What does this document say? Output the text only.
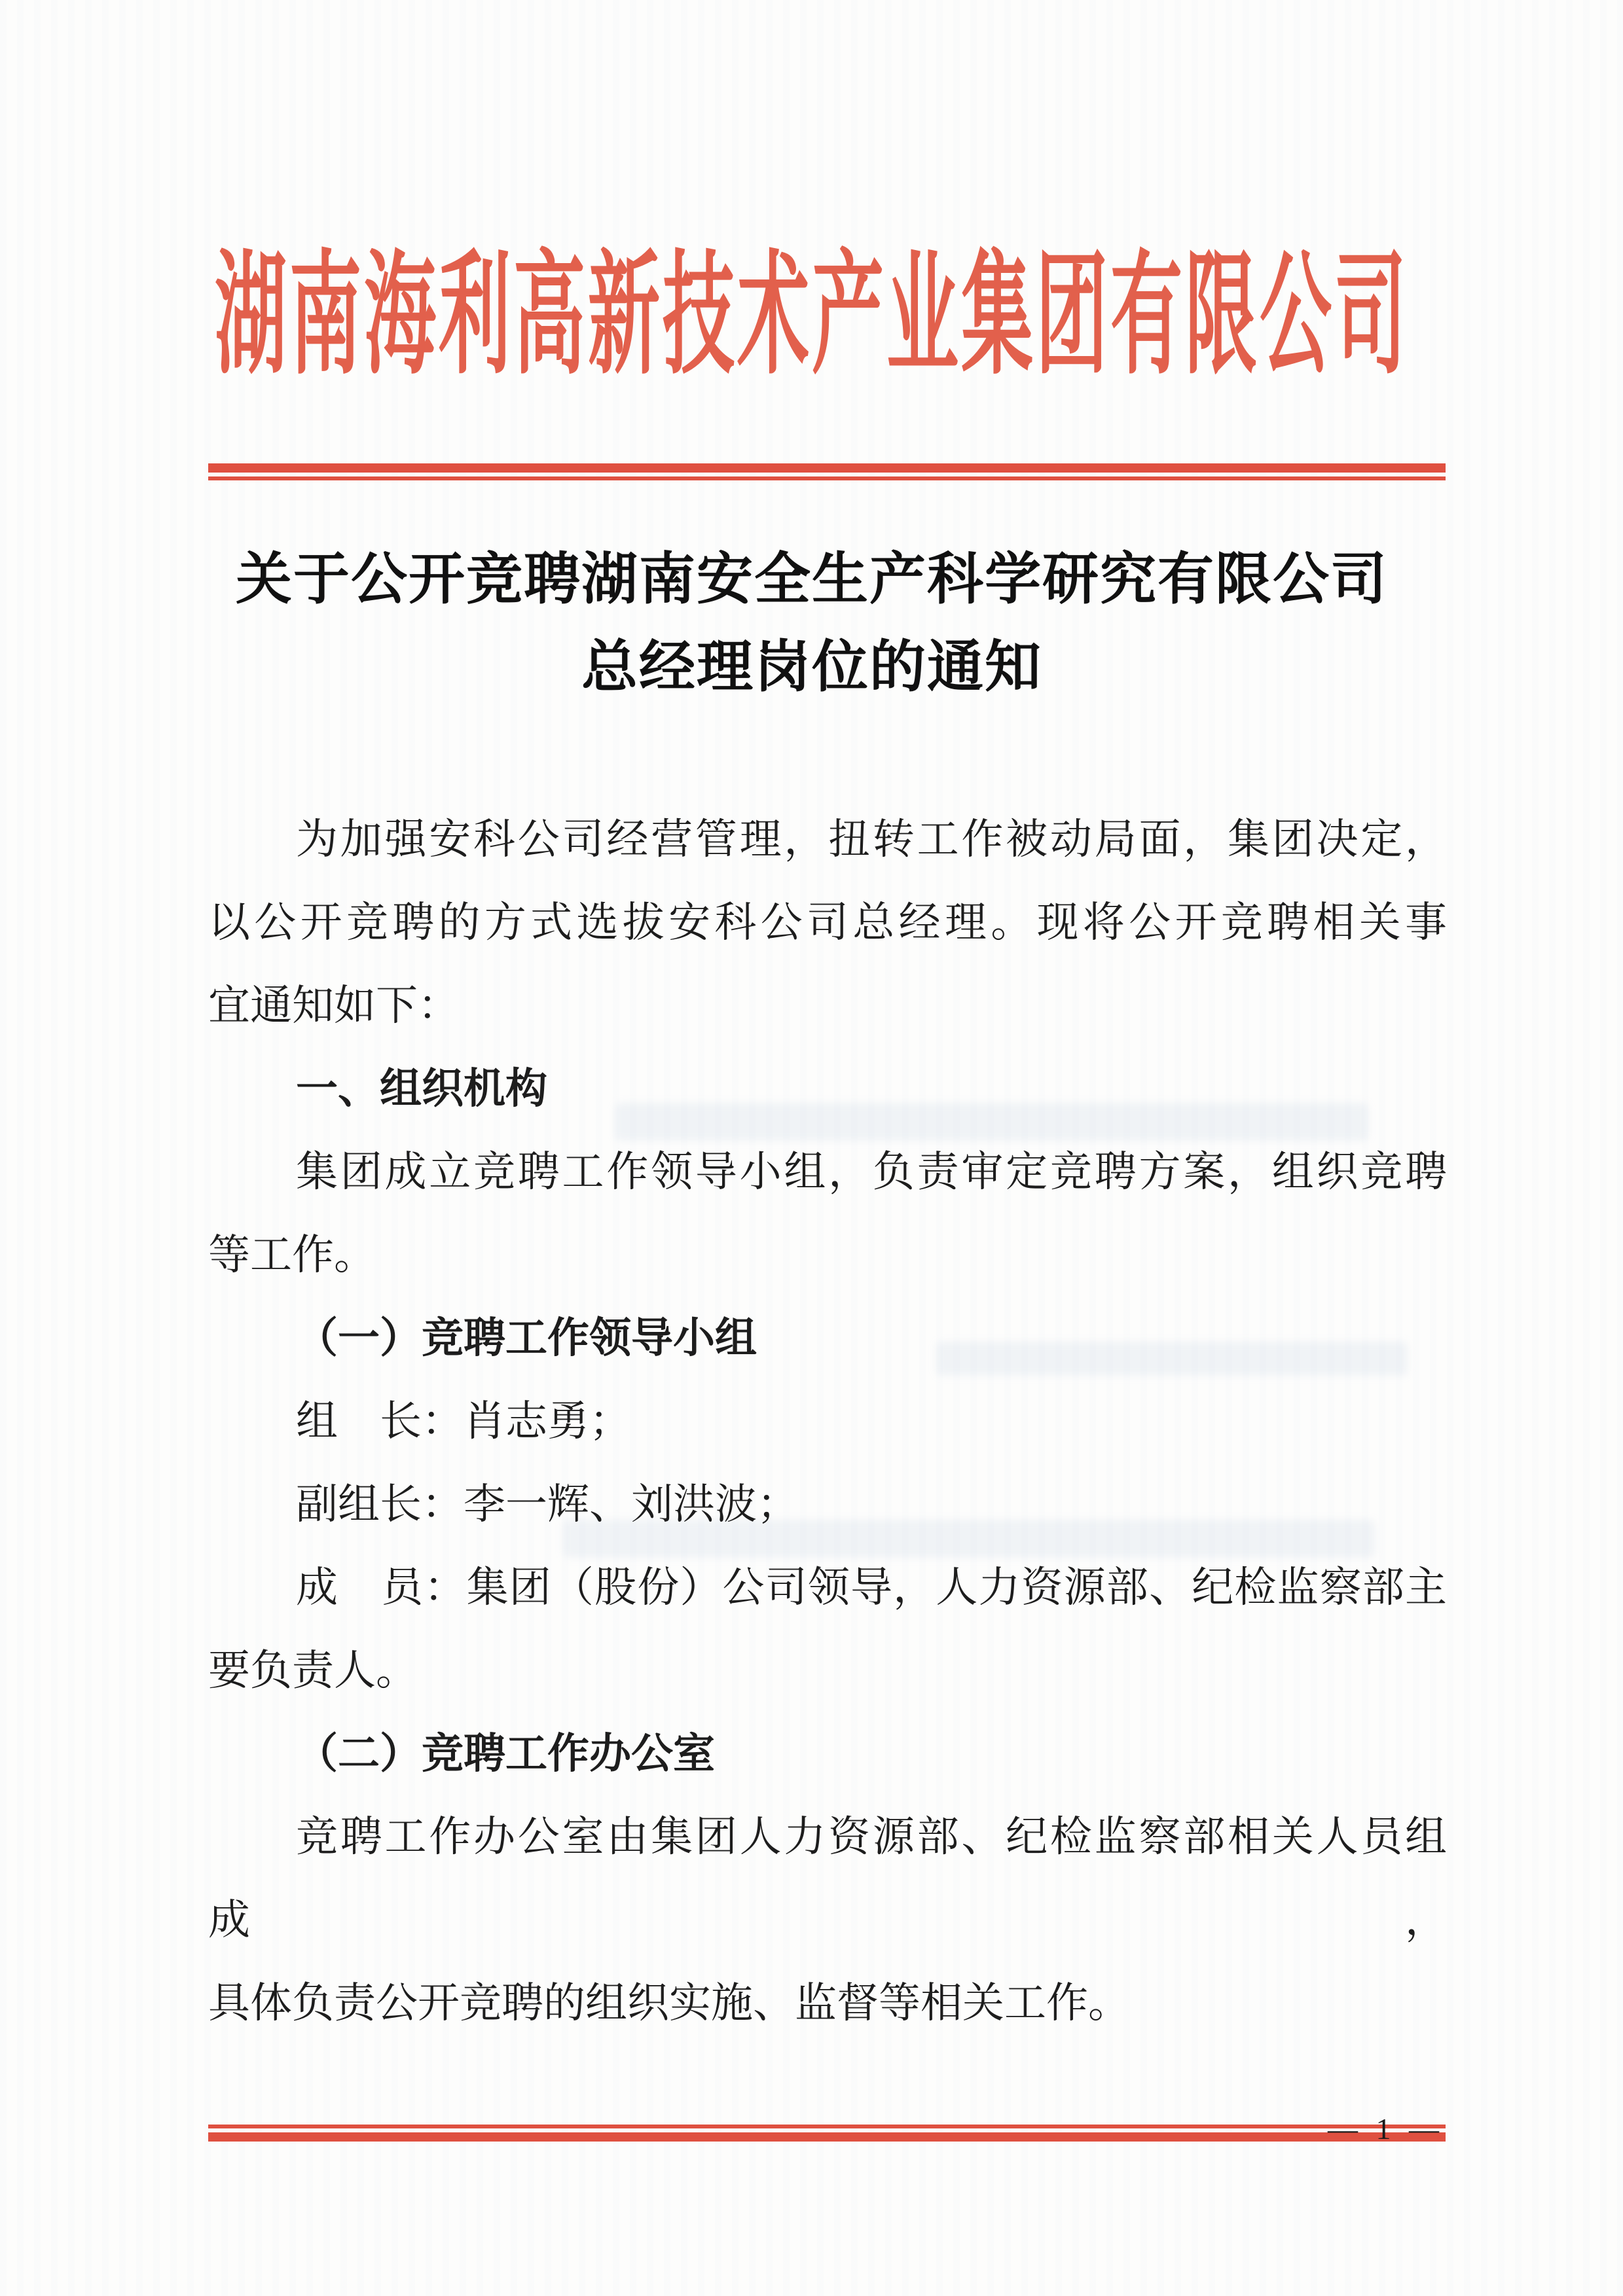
湖南海利高新技术产业集团有限公司
关于公开竞聘湖南安全生产科学研究有限公司
总经理岗位的通知
为加强安科公司经营管理，扭转工作被动局面，集团决定，
以公开竞聘的方式选拔安科公司总经理。现将公开竞聘相关事
宜通知如下：
一、组织机构
集团成立竞聘工作领导小组，负责审定竞聘方案，组织竞聘
等工作。
（一）竞聘工作领导小组
组　长：肖志勇；
副组长：李一辉、刘洪波；
成　员：集团（股份）公司领导，人力资源部、纪检监察部主
要负责人。
（二）竞聘工作办公室
竞聘工作办公室由集团人力资源部、纪检监察部相关人员组成，
具体负责公开竞聘的组织实施、监督等相关工作。
— 1 —
